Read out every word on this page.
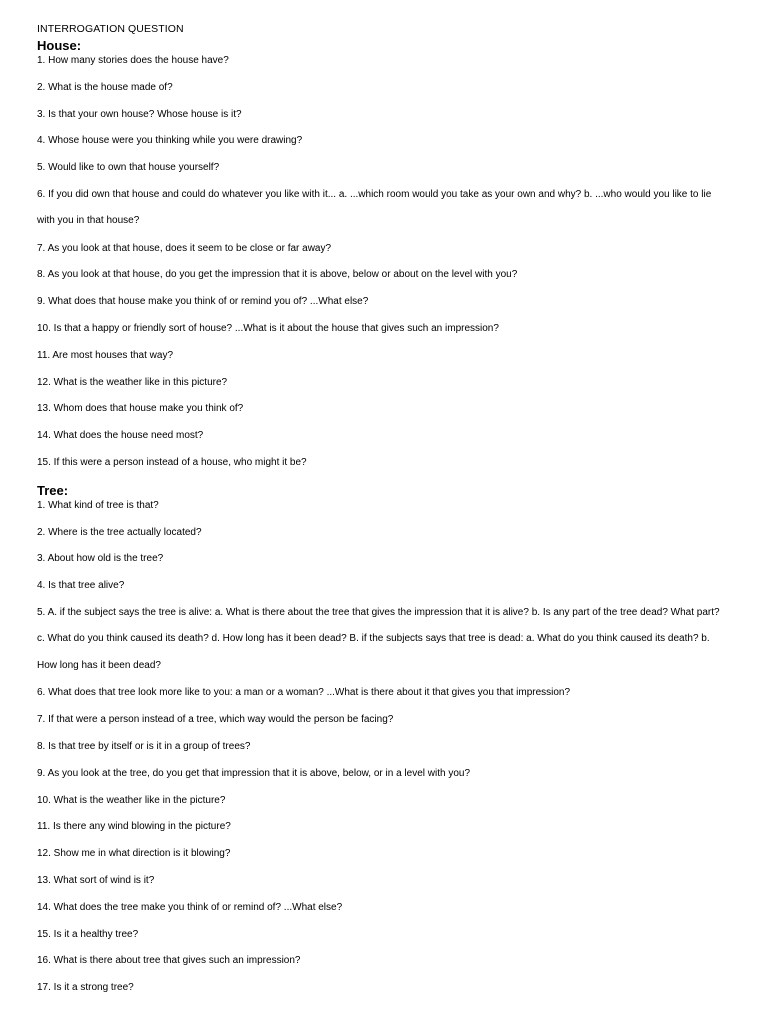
INTERROGATION QUESTION
House:
1. How many stories does the house have?
2. What is the house made of?
3. Is that your own house? Whose house is it?
4. Whose house were you thinking while you were drawing?
5. Would like to own that house yourself?
6. If you did own that house and could do whatever you like with it... a. ...which room would you take as your own and why? b. ...who would you like to lie with you in that house?
7. As you look at that house, does it seem to be close or far away?
8. As you look at that house, do you get the impression that it is above, below or about on the level with you?
9. What does that house make you think of or remind you of? ...What else?
10. Is that a happy or friendly sort of house? ...What is it about the house that gives such an impression?
11. Are most houses that way?
12. What is the weather like in this picture?
13. Whom does that house make you think of?
14. What does the house need most?
15. If this were a person instead of a house, who might it be?
Tree:
1. What kind of tree is that?
2. Where is the tree actually located?
3. About how old is the tree?
4. Is that tree alive?
5. A. if the subject says the tree is alive: a. What is there about the tree that gives the impression that it is alive? b. Is any part of the tree dead? What part? c. What do you think caused its death? d. How long has it been dead? B. if the subjects says that tree is dead: a. What do you think caused its death? b. How long has it been dead?
6. What does that tree look more like to you: a man or a woman? ...What is there about it that gives you that impression?
7. If that were a person instead of a tree, which way would the person be facing?
8. Is that tree by itself or is it in a group of trees?
9. As you look at the tree, do you get that impression that it is above, below, or in a level with you?
10. What is the weather like in the picture?
11. Is there any wind blowing in the picture?
12. Show me in what direction is it blowing?
13. What sort of wind is it?
14. What does the tree make you think of or remind of? ...What else?
15. Is it a healthy tree?
16. What is there about tree that gives such an impression?
17. Is it a strong tree?
